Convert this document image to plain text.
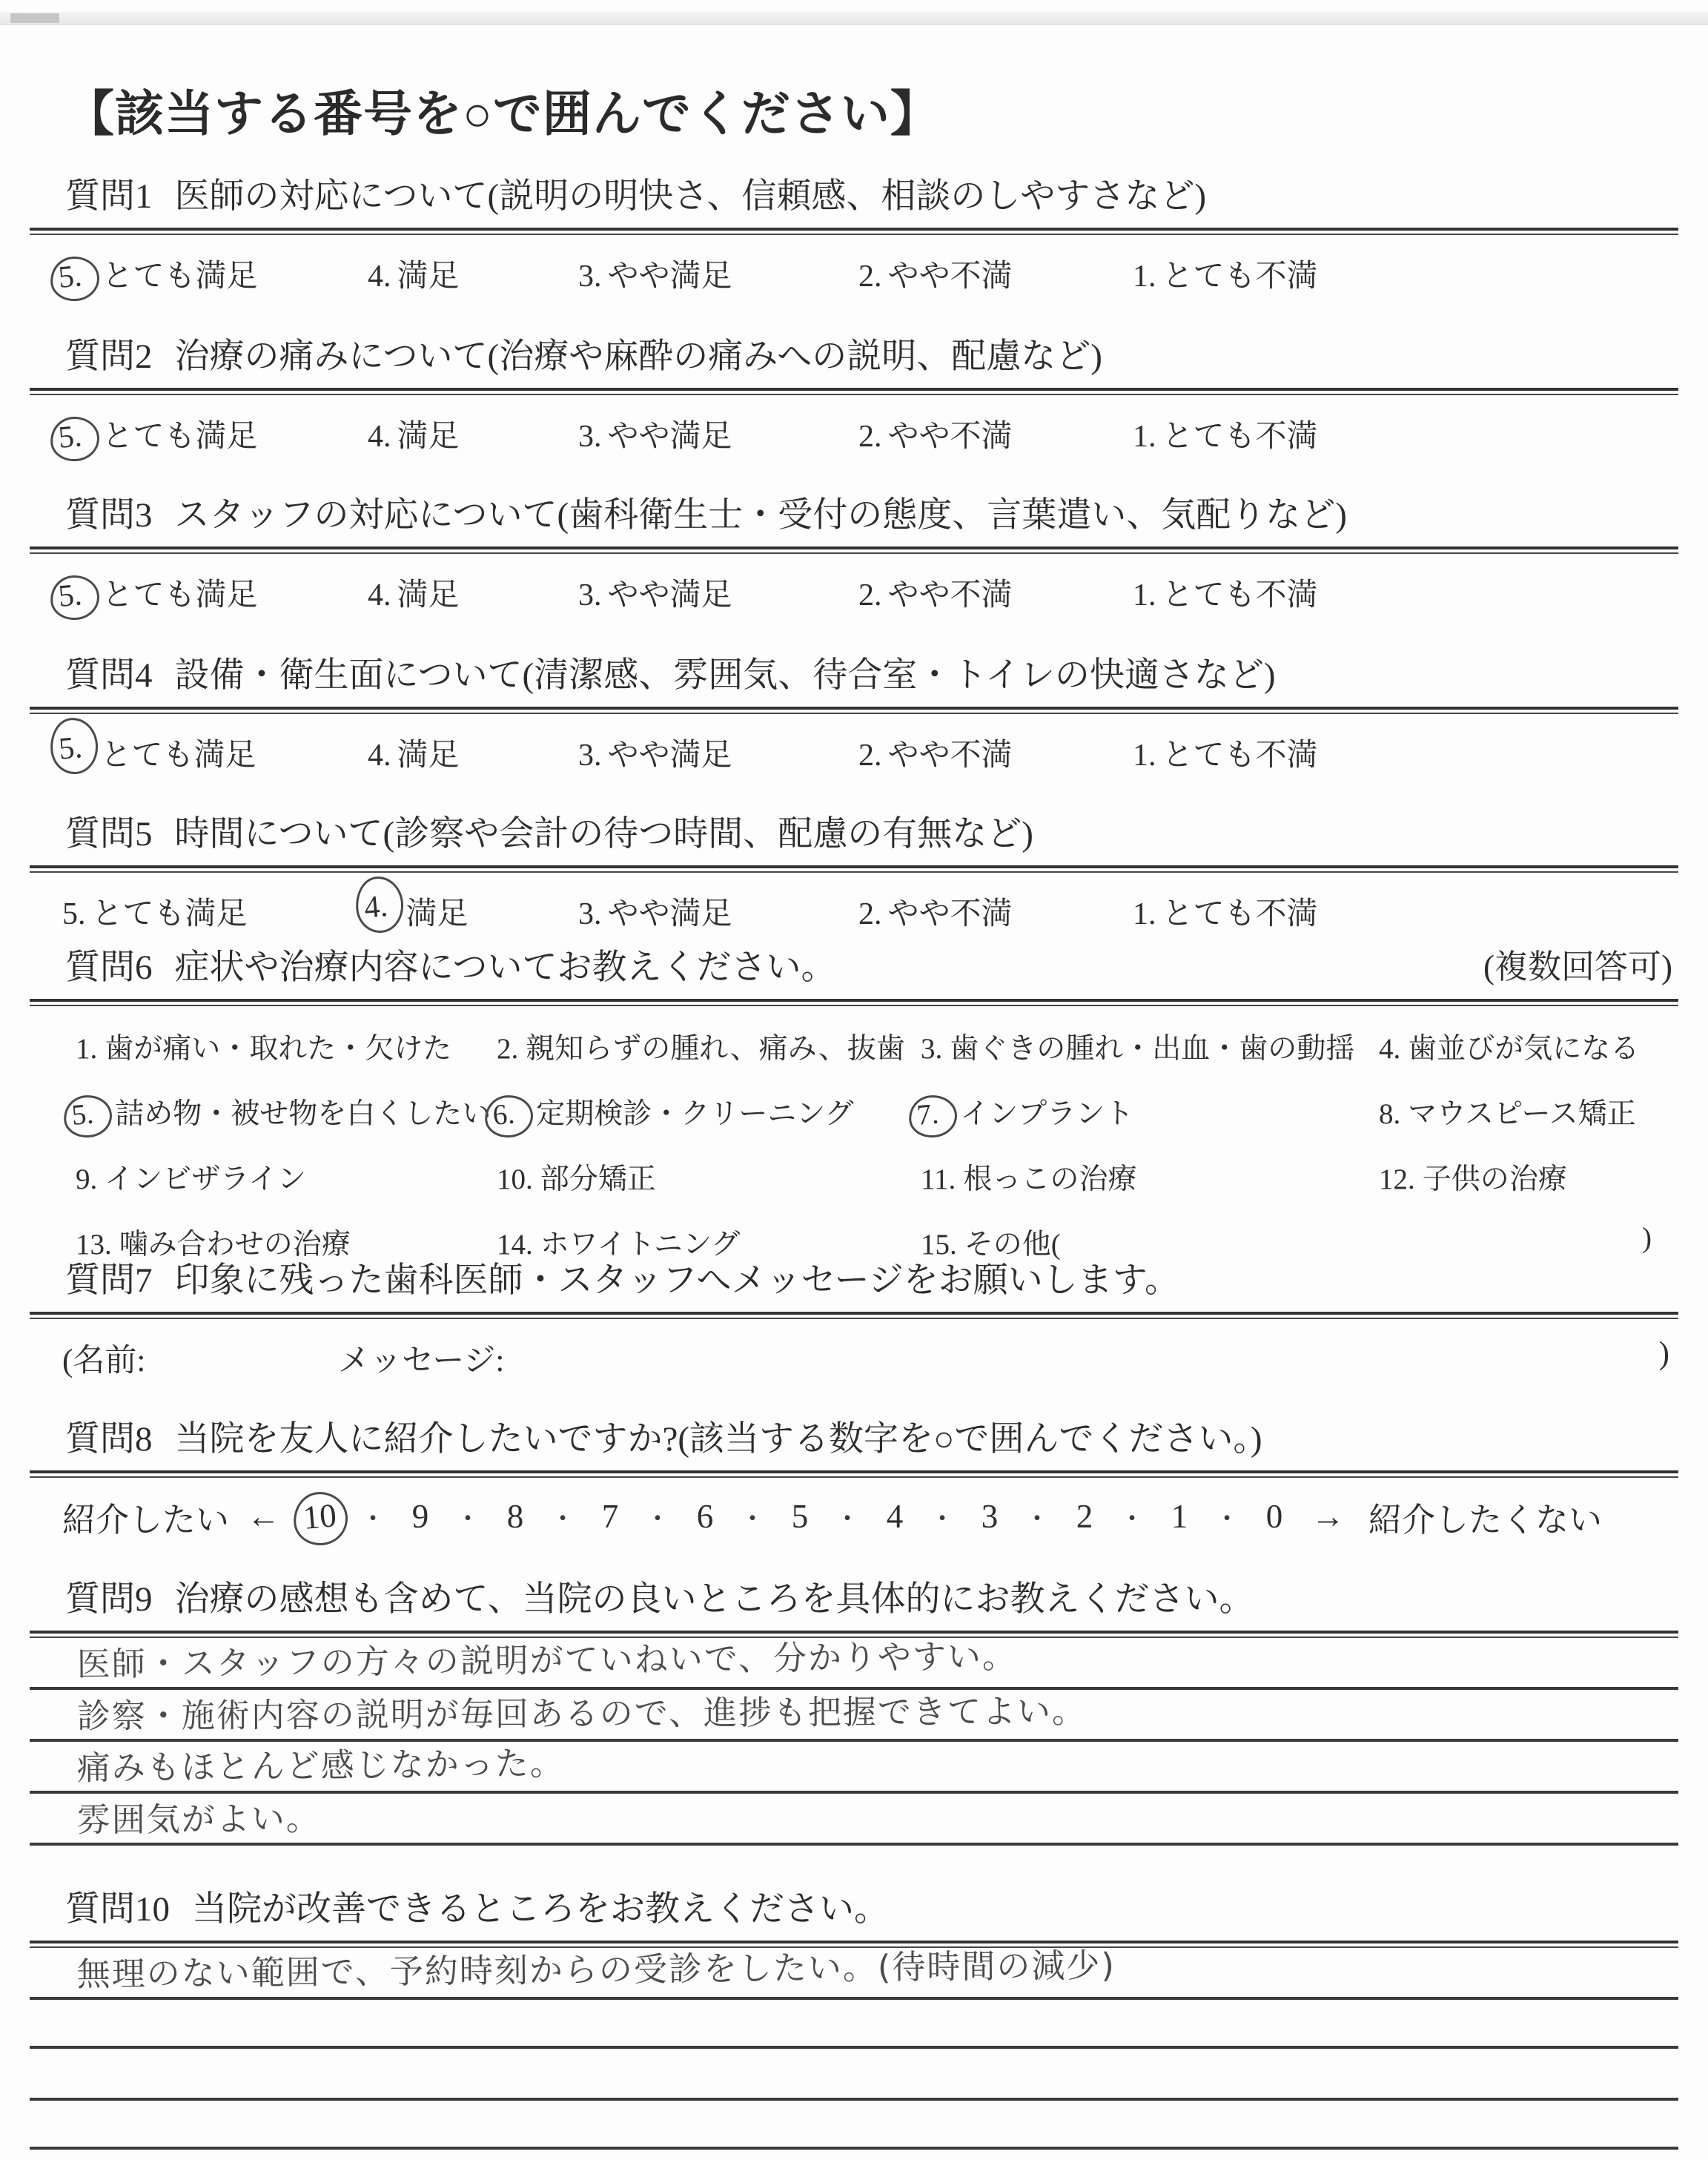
【該当する番号を○で囲んでください】
質問1 医師の対応について(説明の明快さ、信頼感、相談のしやすさなど)
5. とても満足	4. 満足	3. やや満足	2. やや不満	1. とても不満
質問2 治療の痛みについて(治療や麻酔の痛みへの説明、配慮など)
5. とても満足	4. 満足	3. やや満足	2. やや不満	1. とても不満
質問3 スタッフの対応について(歯科衛生士・受付の態度、言葉遣い、気配りなど)
5. とても満足	4. 満足	3. やや満足	2. やや不満	1. とても不満
質問4 設備・衛生面について(清潔感、雰囲気、待合室・トイレの快適さなど)
5. とても満足	4. 満足	3. やや満足	2. やや不満	1. とても不満
質問5 時間について(診察や会計の待つ時間、配慮の有無など)
5. とても満足	4. 満足	3. やや満足	2. やや不満	1. とても不満
質問6 症状や治療内容についてお教えください。	(複数回答可)
1. 歯が痛い・取れた・欠けた	2. 親知らずの腫れ、痛み、抜歯 3. 歯ぐきの腫れ・出血・歯の動揺 4. 歯並びが気になる
5. 詰め物・被せ物を白くしたい 6. 定期検診・クリーニング	7. インプラント	8. マウスピース矯正
9. インビザライン	10. 部分矯正	11. 根っこの治療	12. 子供の治療
13. 噛み合わせの治療	14. ホワイトニング	15. その他(	)
質問7 印象に残った歯科医師・スタッフへメッセージをお願いします。
(名前:	メッセージ:	)
質問8 当院を友人に紹介したいですか?(該当する数字を○で囲んでください。)
紹介したい ← 10 ・ 9 ・ 8 ・ 7 ・ 6 ・ 5 ・ 4 ・ 3 ・ 2 ・ 1 ・ 0 → 紹介したくない
質問9 治療の感想も含めて、当院の良いところを具体的にお教えください。
医師・スタッフの方々の説明がていねいで、分かりやすい。
診察・施術内容の説明が毎回あるので、進捗も把握できてよい。
痛みもほとんど感じなかった。
雰囲気がよい。
質問10 当院が改善できるところをお教えください。
無理のない範囲で、予約時刻からの受診をしたい。(待時間の減少)
